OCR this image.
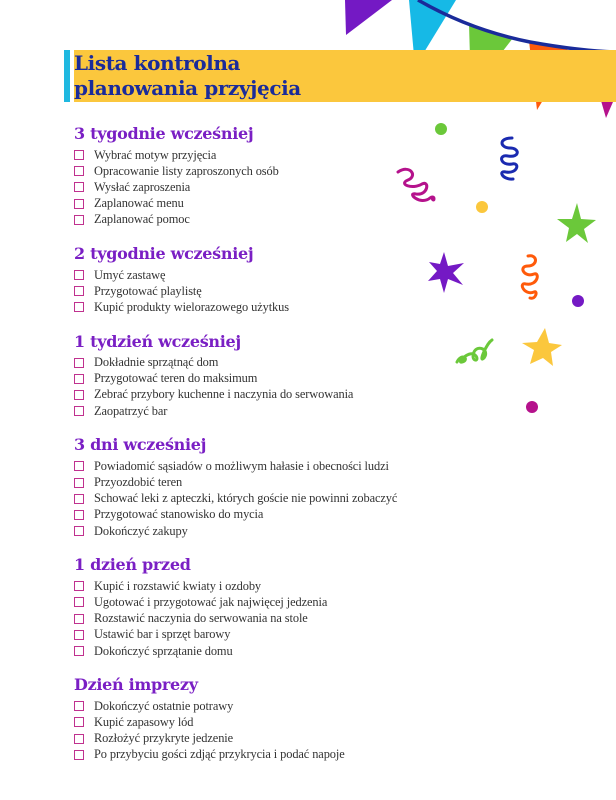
Lista kontrolna
planowania przyjęcia
3 tygodnie wcześniej
Wybrać motyw przyjęcia
Opracowanie listy zaproszonych osób
Wysłać zaproszenia
Zaplanować menu
Zaplanować pomoc
2 tygodnie wcześniej
Umyć zastawę
Przygotować playlistę
Kupić produkty wielorazowego użytkus
1 tydzień wcześniej
Dokładnie sprzątnąć dom
Przygotować teren do maksimum
Zebrać przybory kuchenne i naczynia do serwowania
Zaopatrzyć bar
3 dni wcześniej
Powiadomić sąsiadów o możliwym hałasie i obecności ludzi
Przyozdobić teren
Schować leki z apteczki, których goście nie powinni zobaczyć
Przygotować stanowisko do mycia
Dokończyć zakupy
1 dzień przed
Kupić i rozstawić kwiaty i ozdoby
Ugotować i przygotować jak najwięcej jedzenia
Rozstawić naczynia do serwowania na stole
Ustawić bar i sprzęt barowy
Dokończyć sprzątanie domu
Dzień imprezy
Dokończyć ostatnie potrawy
Kupić zapasowy lód
Rozłożyć przykryte jedzenie
Po przybyciu gości zdjąć przykrycia i podać napoje
